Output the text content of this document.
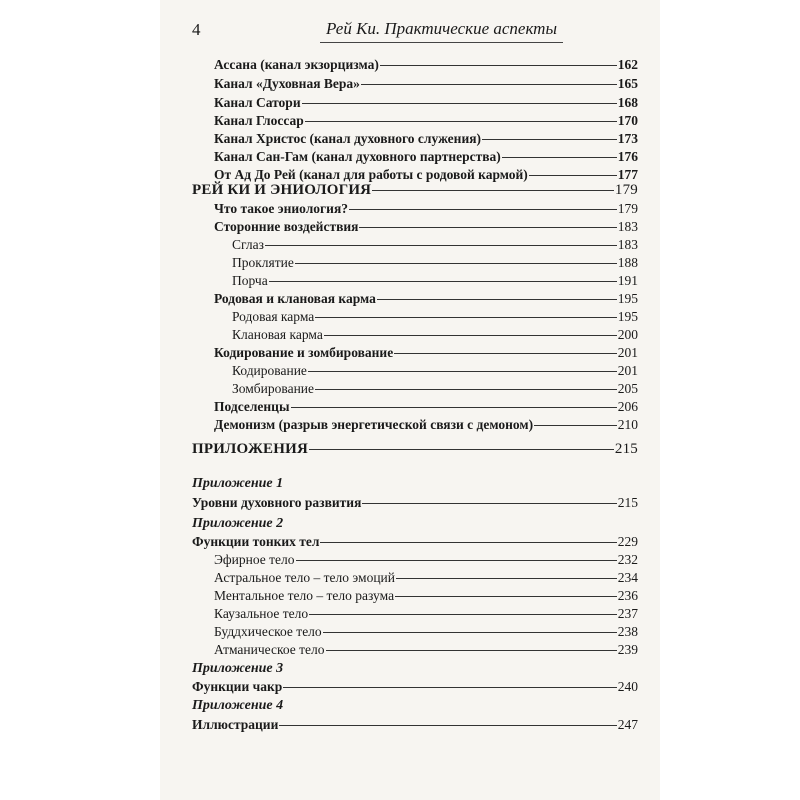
4	Рей Ки. Практические аспекты
Ассана (канал экзорцизма)	162
Канал «Духовная Вера»	165
Канал Сатори	168
Канал Глоссар	170
Канал Христос (канал духовного служения)	173
Канал Сан-Гам (канал духовного партнерства)	176
От Ад До Рей (канал для работы с родовой кармой)	177
РЕЙ КИ И ЭНИОЛОГИЯ	179
Что такое эниология?	179
Сторонние воздействия	183
Сглаз	183
Проклятие	188
Порча	191
Родовая и клановая карма	195
Родовая карма	195
Клановая карма	200
Кодирование и зомбирование	201
Кодирование	201
Зомбирование	205
Подселенцы	206
Демонизм (разрыв энергетической связи с демоном)	210
ПРИЛОЖЕНИЯ	215
Приложение 1
Уровни духовного развития	215
Приложение 2
Функции тонких тел	229
Эфирное тело	232
Астральное тело – тело эмоций	234
Ментальное тело – тело разума	236
Каузальное тело	237
Буддхическое тело	238
Атманическое тело	239
Приложение 3
Функции чакр	240
Приложение 4
Иллюстрации	247
